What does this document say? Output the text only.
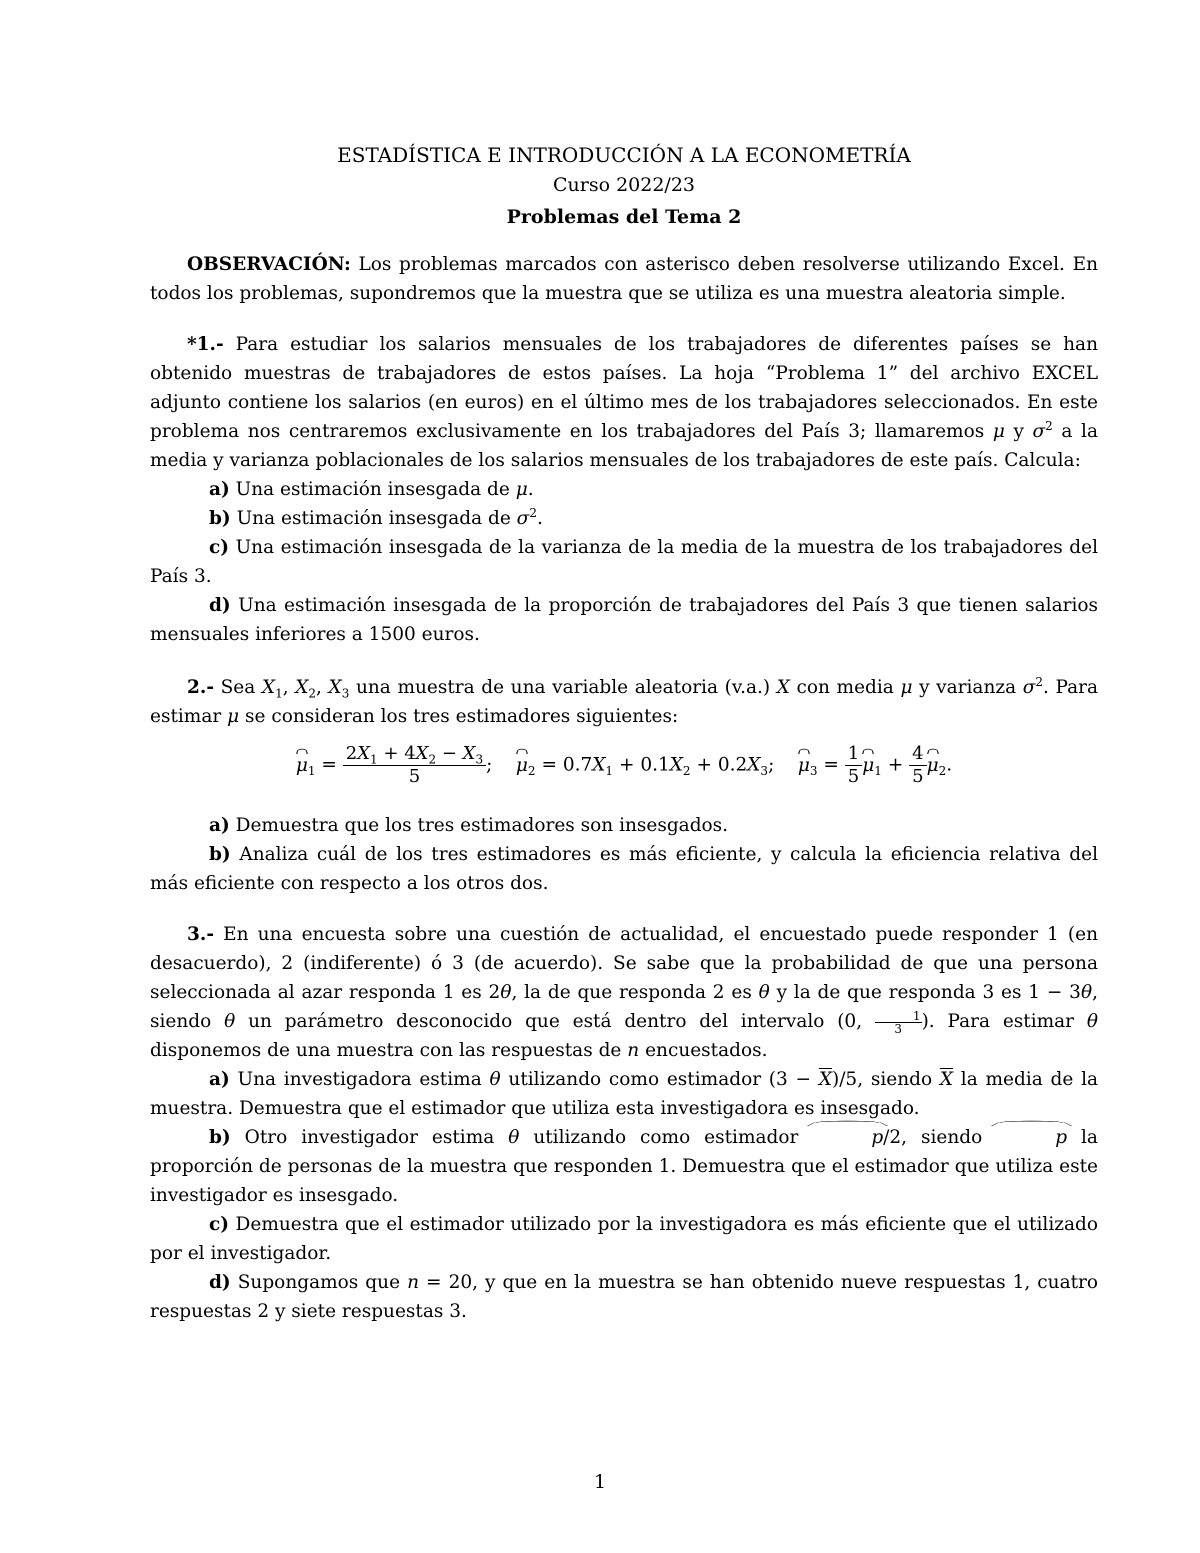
ESTADÍSTICA E INTRODUCCIÓN A LA ECONOMETRÍA
Curso 2022/23
Problemas del Tema 2

OBSERVACIÓN: Los problemas marcados con asterisco deben resolverse utilizando Excel. En todos los problemas, supondremos que la muestra que se utiliza es una muestra aleatoria simple.

*1.- Para estudiar los salarios mensuales de los trabajadores de diferentes países se han obtenido muestras de trabajadores de estos países. La hoja “Problema 1” del archivo EXCEL adjunto contiene los salarios (en euros) en el último mes de los trabajadores seleccionados. En este problema nos centraremos exclusivamente en los trabajadores del País 3; llamaremos μ y $\sigma^2$ a la media y varianza poblacionales de los salarios mensuales de los trabajadores de este país. Calcula:

a) Una estimación insesgada de μ.

b) Una estimación insesgada de $\sigma^2$.

c) Una estimación insesgada de la varianza de la media de la muestra de los trabajadores del País 3.

d) Una estimación insesgada de la proporción de trabajadores del País 3 que tienen salarios mensuales inferiores a 1500 euros.

2.- Sea $X_1$, $X_2$, $X_3$ una muestra de una variable aleatoria (v.a.) X con media μ y varianza $\sigma^2$. Para estimar μ se consideran los tres estimadores siguientes:

$\mu_1 = \frac{2X_1 + 4X_2 - X_3}{5}$ ;    $\mu_2 = 0.7X_1 + 0.1X_2 + 0.2X_3$;    $\mu_3 = \frac{1}{5} \mu_1 + \frac{4}{5} \mu_2$.

a) Demuestra que los tres estimadores son insesgados.

b) Analiza cuál de los tres estimadores es más eficiente, y calcula la eficiencia relativa del más eficiente con respecto a los otros dos.

3.- En una encuesta sobre una cuestión de actualidad, el encuestado puede responder 1 (en desacuerdo), 2 (indiferente) ó 3 (de acuerdo). Se sabe que la probabilidad de que una persona seleccionada al azar responda 1 es 2θ, la de que responda 2 es θ y la de que responda 3 es 1 − 3θ, siendo θ un parámetro desconocido que está dentro del intervalo (0, $\frac{1}{3}$). Para estimar θ disponemos de una muestra con las respuestas de n encuestados.

a) Una investigadora estima θ utilizando como estimador $(3 - \overline{X})/5$, siendo $\overline{X}$ la media de la muestra. Demuestra que el estimador que utiliza esta investigadora es insesgado.

b) Otro investigador estima θ utilizando como estimador	p/2, siendo	p la proporción de personas de la muestra que responden 1. Demuestra que el estimador que utiliza este investigador es insesgado.

c) Demuestra que el estimador utilizado por la investigadora es más eficiente que el utilizado por el investigador.

d) Supongamos que n = 20, y que en la muestra se han obtenido nueve respuestas 1, cuatro respuestas 2 y siete respuestas 3.

1
